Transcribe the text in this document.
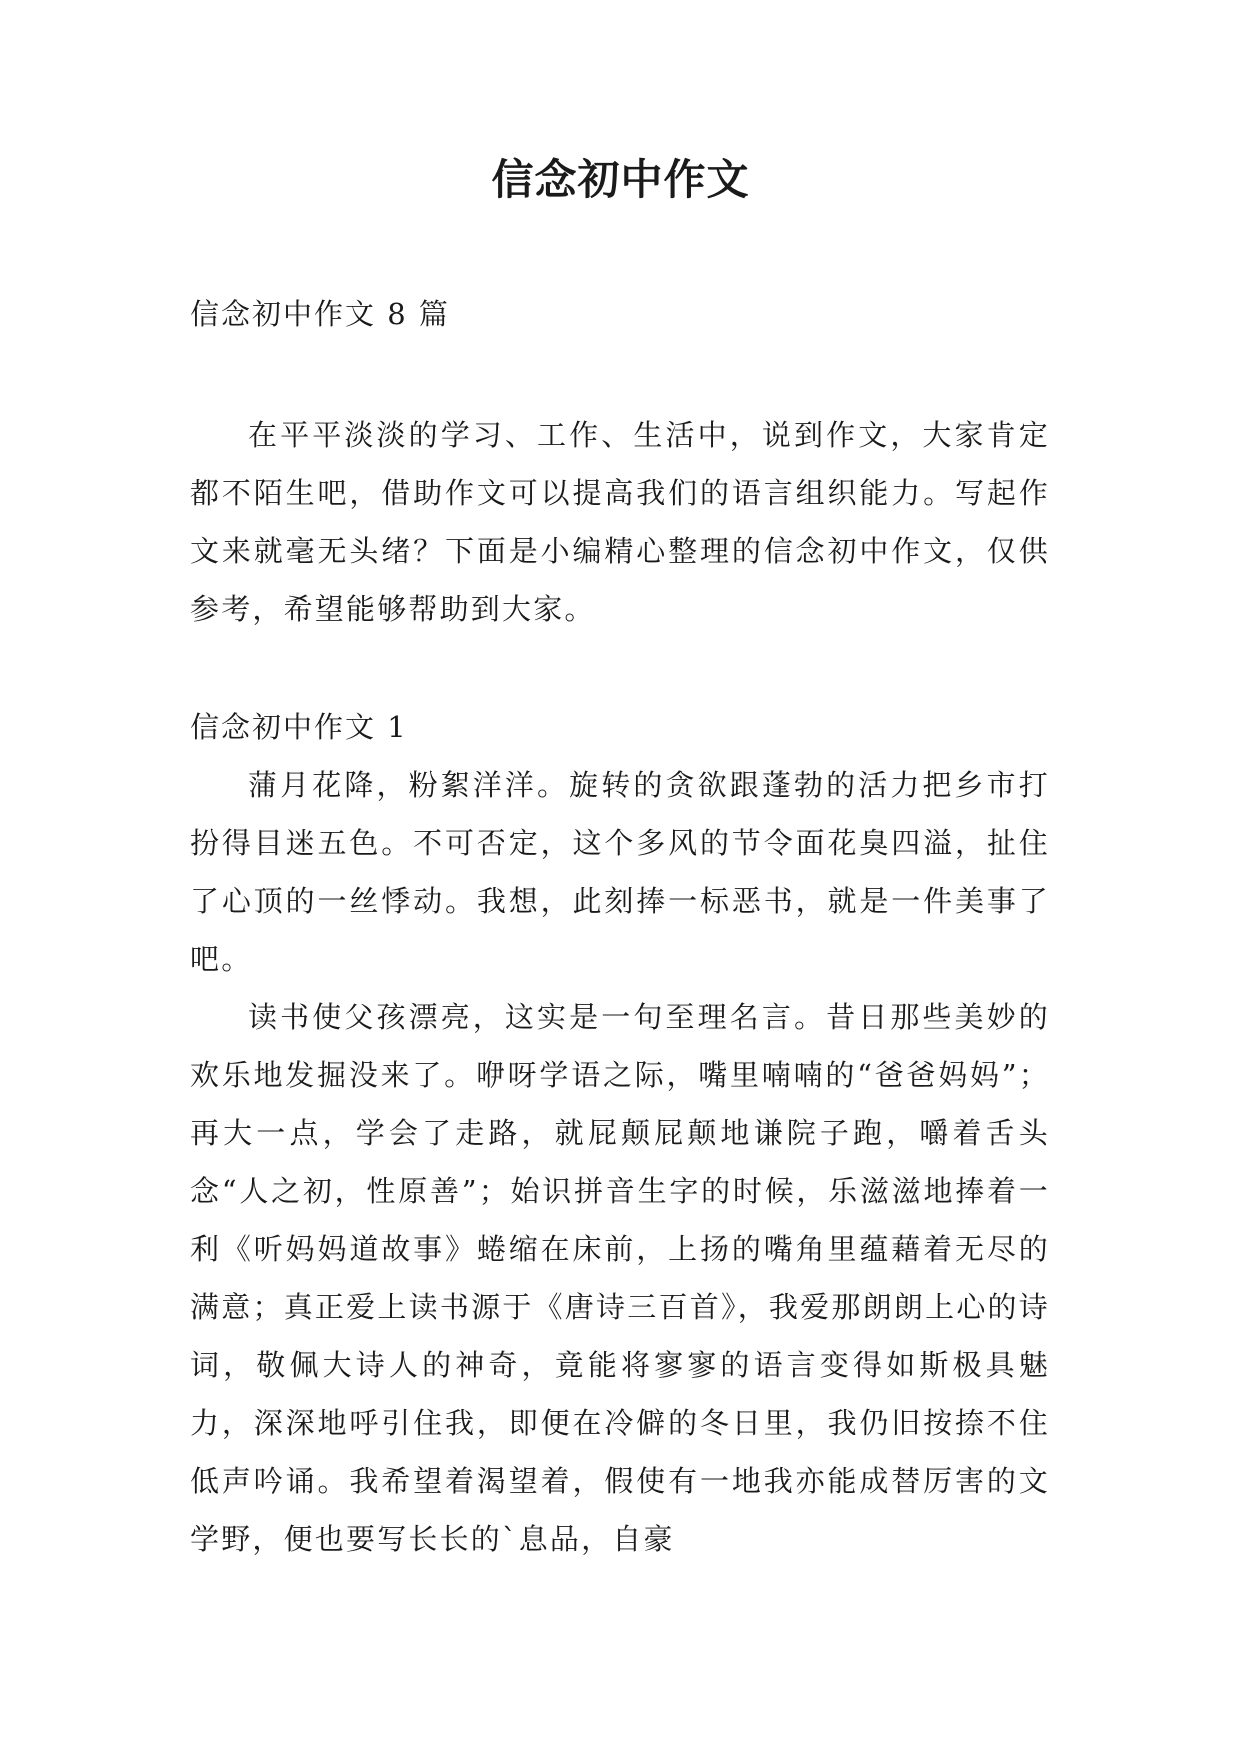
信念初中作文

信念初中作文 8 篇

在平平淡淡的学习、工作、生活中，说到作文，大家肯定都不陌生吧，借助作文可以提高我们的语言组织能力。写起作文来就毫无头绪？下面是小编精心整理的信念初中作文，仅供参考，希望能够帮助到大家。

信念初中作文 1

蒲月花降，粉絮洋洋。旋转的贪欲跟蓬勃的活力把乡市打扮得目迷五色。不可否定，这个多风的节令面花臭四溢，扯住了心顶的一丝悸动。我想，此刻捧一标恶书，就是一件美事了吧。

读书使父孩漂亮，这实是一句至理名言。昔日那些美妙的欢乐地发掘没来了。咿呀学语之际，嘴里喃喃的“爸爸妈妈”；再大一点，学会了走路，就屁颠屁颠地谦院子跑，嚼着舌头念“人之初，性原善”；始识拼音生字的时候，乐滋滋地捧着一利《听妈妈道故事》蜷缩在床前，上扬的嘴角里蕴藉着无尽的满意；真正爱上读书源于《唐诗三百首》，我爱那朗朗上心的诗词，敬佩大诗人的神奇，竟能将寥寥的语言变得如斯极具魅力，深深地呼引住我，即便在冷僻的冬日里，我仍旧按捺不住低声吟诵。我希望着渴望着，假使有一地我亦能成替厉害的文学野，便也要写长长的`息品，自豪
